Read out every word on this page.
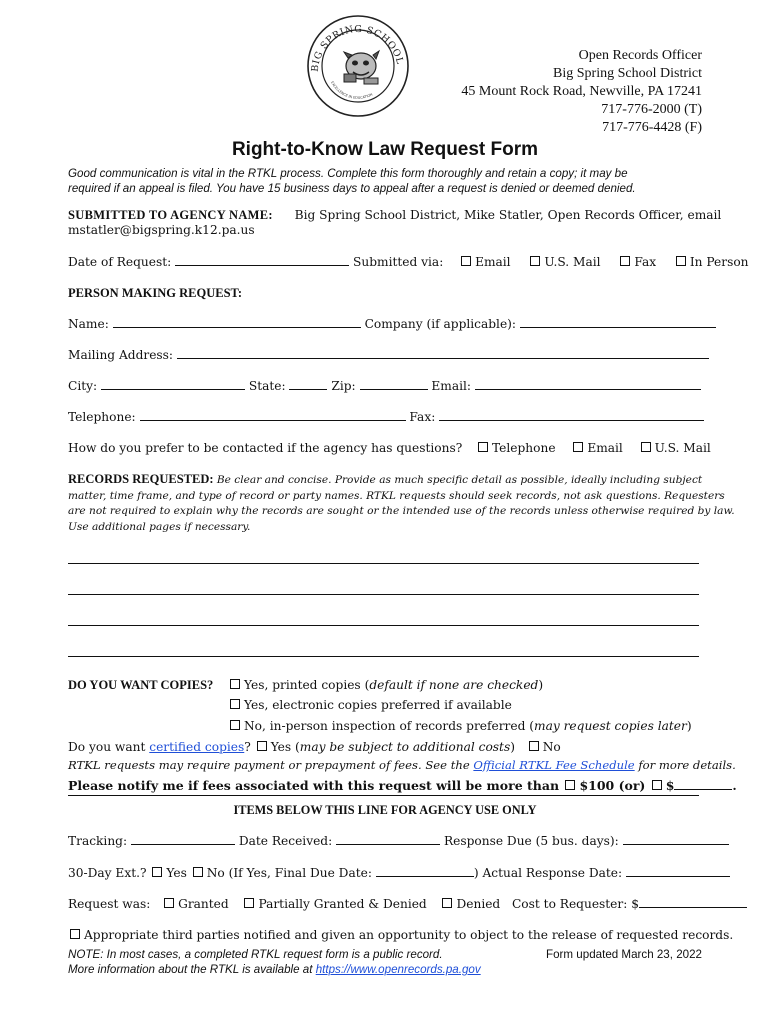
BIG SPRING SCHOOL
EXCELLENCE IN EDUCATION
Open Records Officer
Big Spring School District
45 Mount Rock Road, Newville, PA 17241
717-776-2000 (T)
717-776-4428 (F)
Right-to-Know Law Request Form
Good communication is vital in the RTKL process. Complete this form thoroughly and retain a copy; it may be
required if an appeal is filed. You have 15 business days to appeal after a request is denied or deemed denied.
SUBMITTED TO AGENCY NAME: Big Spring School District, Mike Statler, Open Records Officer, email
mstatler@bigspring.k12.pa.us
Date of Request:	Submitted via:	Email	U.S. Mail	Fax	In Person
PERSON MAKING REQUEST:
Name:	Company (if applicable):
Mailing Address:
City:	State:	Zip:	Email:
Telephone:	Fax:
How do you prefer to be contacted if the agency has questions? Telephone	Email	U.S. Mail
RECORDS REQUESTED: Be clear and concise. Provide as much specific detail as possible, ideally including subject
matter, time frame, and type of record or party names. RTKL requests should seek records, not ask questions. Requesters
are not required to explain why the records are sought or the intended use of the records unless otherwise required by law.
Use additional pages if necessary.
DO YOU WANT COPIES?	Yes, printed copies (default if none are checked)
Yes, electronic copies preferred if available
No, in-person inspection of records preferred (may request copies later)
Do you want certified copies? Yes (may be subject to additional costs) No
RTKL requests may require payment or prepayment of fees. See the Official RTKL Fee Schedule for more details.
Please notify me if fees associated with this request will be more than $100 (or) $	.
ITEMS BELOW THIS LINE FOR AGENCY USE ONLY
Tracking:	Date Received:	Response Due (5 bus. days):
30-Day Ext.? Yes No (If Yes, Final Due Date:	) Actual Response Date:
Request was: Granted Partially Granted & Denied Denied Cost to Requester: $
Appropriate third parties notified and given an opportunity to object to the release of requested records.
NOTE: In most cases, a completed RTKL request form is a public record.	Form updated March 23, 2022
More information about the RTKL is available at https://www.openrecords.pa.gov
